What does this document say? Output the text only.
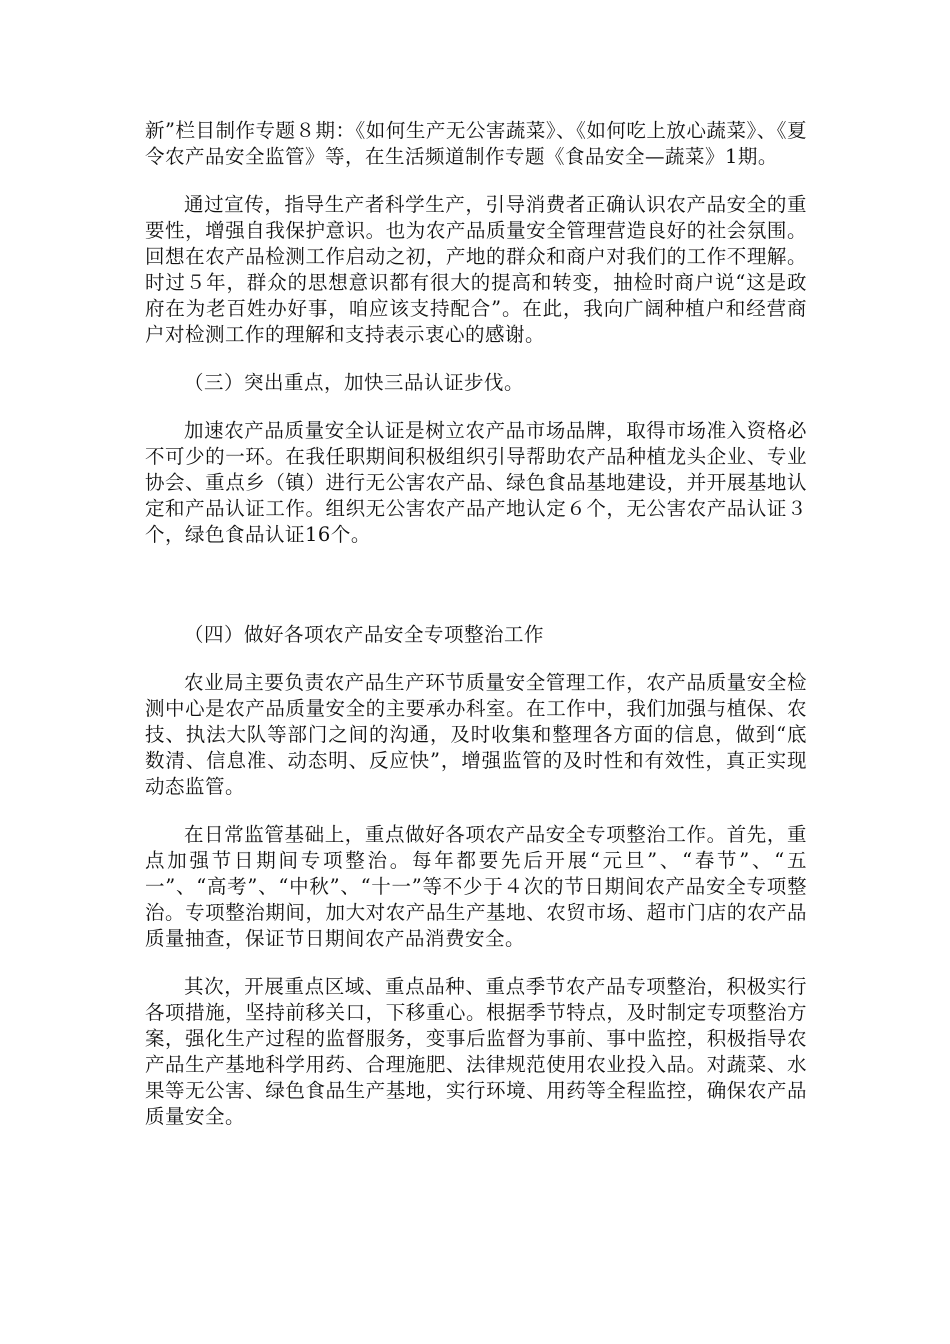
新”栏目制作专题８期：《如何生产无公害蔬菜》、《如何吃上放心蔬菜》、《夏令农产品安全监管》等，在生活频道制作专题《食品安全—蔬菜》1期。

通过宣传，指导生产者科学生产，引导消费者正确认识农产品安全的重要性，增强自我保护意识。也为农产品质量安全管理营造良好的社会氛围。回想在农产品检测工作启动之初，产地的群众和商户对我们的工作不理解。时过５年，群众的思想意识都有很大的提高和转变，抽检时商户说“这是政府在为老百姓办好事，咱应该支持配合”。在此，我向广阔种植户和经营商户对检测工作的理解和支持表示衷心的感谢。

（三）突出重点，加快三品认证步伐。

加速农产品质量安全认证是树立农产品市场品牌，取得市场准入资格必不可少的一环。在我任职期间积极组织引导帮助农产品种植龙头企业、专业协会、重点乡（镇）进行无公害农产品、绿色食品基地建设，并开展基地认定和产品认证工作。组织无公害农产品产地认定６个，无公害农产品认证３个，绿色食品认证16个。

（四）做好各项农产品安全专项整治工作

农业局主要负责农产品生产环节质量安全管理工作，农产品质量安全检测中心是农产品质量安全的主要承办科室。在工作中，我们加强与植保、农技、执法大队等部门之间的沟通，及时收集和整理各方面的信息，做到“底数清、信息准、动态明、反应快”，增强监管的及时性和有效性，真正实现动态监管。

在日常监管基础上，重点做好各项农产品安全专项整治工作。首先，重点加强节日期间专项整治。每年都要先后开展“元旦”、“春节”、“五一”、“高考”、“中秋”、“十一”等不少于４次的节日期间农产品安全专项整治。专项整治期间，加大对农产品生产基地、农贸市场、超市门店的农产品质量抽查，保证节日期间农产品消费安全。

其次，开展重点区域、重点品种、重点季节农产品专项整治，积极实行各项措施，坚持前移关口，下移重心。根据季节特点，及时制定专项整治方案，强化生产过程的监督服务，变事后监督为事前、事中监控，积极指导农产品生产基地科学用药、合理施肥、法律规范使用农业投入品。对蔬菜、水果等无公害、绿色食品生产基地，实行环境、用药等全程监控，确保农产品质量安全。
